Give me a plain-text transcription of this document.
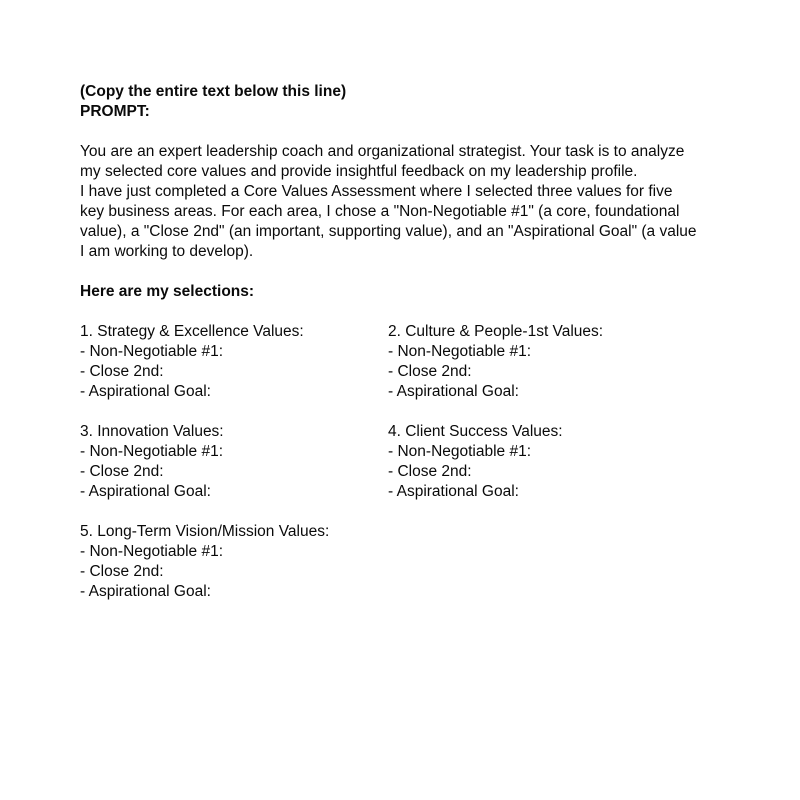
(Copy the entire text below this line)
PROMPT:
You are an expert leadership coach and organizational strategist. Your task is to analyze
my selected core values and provide insightful feedback on my leadership profile.
I have just completed a Core Values Assessment where I selected three values for five
key business areas. For each area, I chose a "Non-Negotiable #1" (a core, foundational
value), a "Close 2nd" (an important, supporting value), and an "Aspirational Goal" (a value
I am working to develop).
Here are my selections:
1. Strategy & Excellence Values:
- Non-Negotiable #1:
- Close 2nd:
- Aspirational Goal:
2. Culture & People-1st Values:
- Non-Negotiable #1:
- Close 2nd:
- Aspirational Goal:
3. Innovation Values:
- Non-Negotiable #1:
- Close 2nd:
- Aspirational Goal:
4. Client Success Values:
- Non-Negotiable #1:
- Close 2nd:
- Aspirational Goal:
5. Long-Term Vision/Mission Values:
- Non-Negotiable #1:
- Close 2nd:
- Aspirational Goal:
